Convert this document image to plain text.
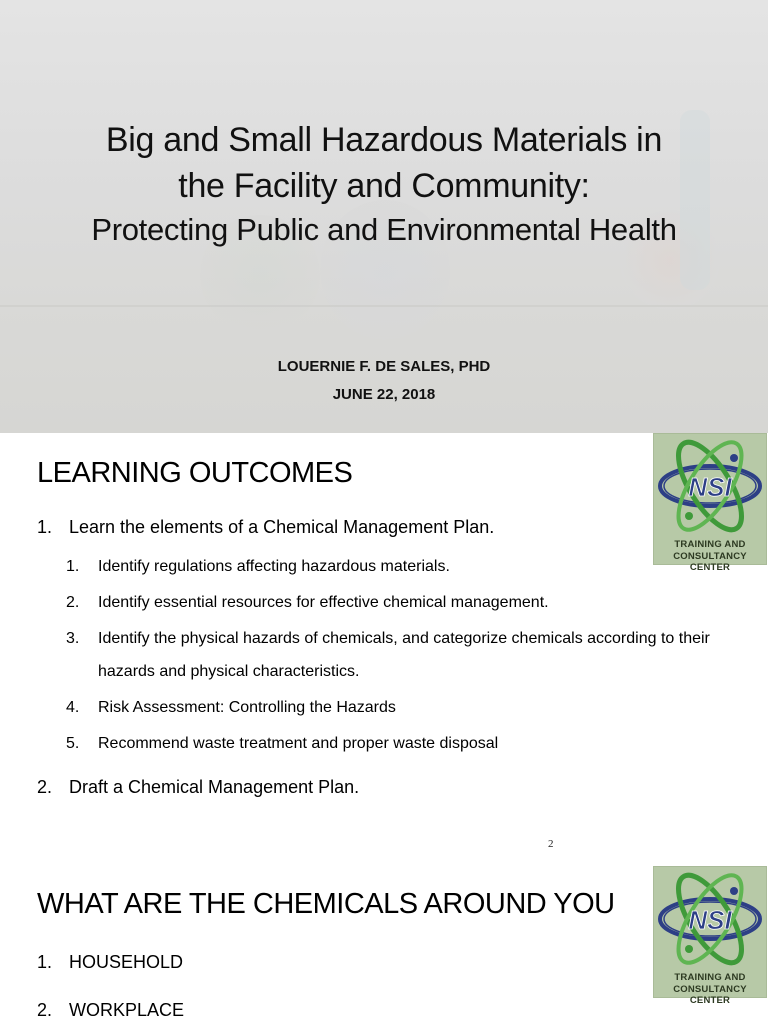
Big and Small Hazardous Materials in
the Facility and Community:
Protecting Public and Environmental Health
LOUERNIE F. DE SALES, PHD
JUNE 22, 2018
LEARNING OUTCOMES	NSI
TRAINING AND
CONSULTANCY CENTER
1. Learn the elements of a Chemical Management Plan.
1.	Identify regulations affecting hazardous materials.
2.	Identify essential resources for effective chemical management.
3.	Identify the physical hazards of chemicals, and categorize chemicals according to their hazards and physical characteristics.
4.	Risk Assessment: Controlling the Hazards
5.	Recommend waste treatment and proper waste disposal
2. Draft a Chemical Management Plan.
2
WHAT ARE THE CHEMICALS AROUND YOU	NSI
TRAINING AND
CONSULTANCY CENTER
1. HOUSEHOLD
2. WORKPLACE
